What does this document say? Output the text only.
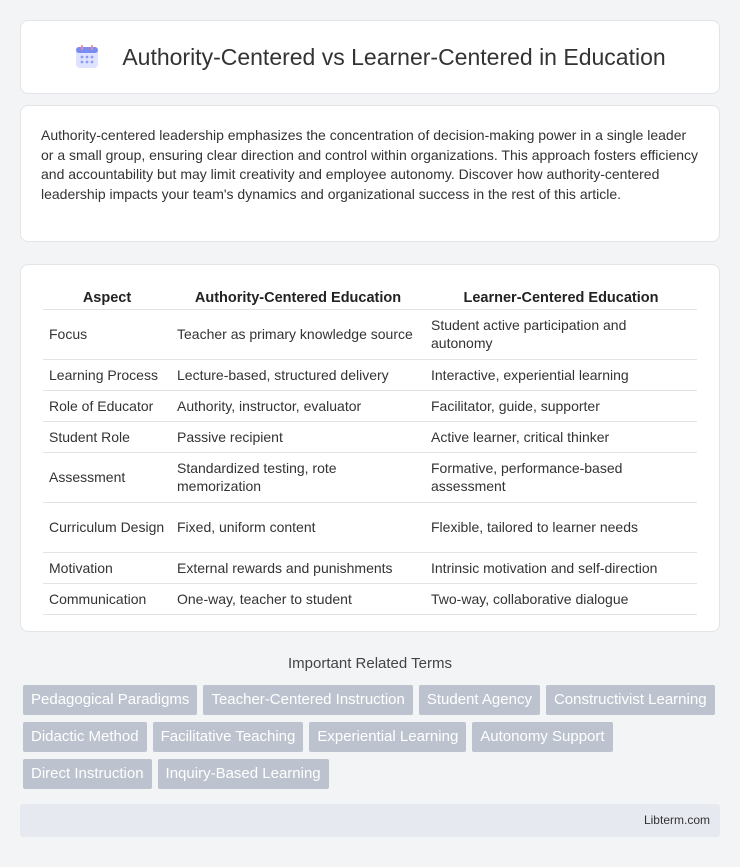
Authority-Centered vs Learner-Centered in Education

Authority-centered leadership emphasizes the concentration of decision-making power in a single leader or a small group, ensuring clear direction and control within organizations. This approach fosters efficiency and accountability but may limit creativity and employee autonomy. Discover how authority-centered leadership impacts your team's dynamics and organizational success in the rest of this article.

Aspect	Authority-Centered Education	Learner-Centered Education
Focus	Teacher as primary knowledge source	Student active participation and autonomy
Learning Process	Lecture-based, structured delivery	Interactive, experiential learning
Role of Educator	Authority, instructor, evaluator	Facilitator, guide, supporter
Student Role	Passive recipient	Active learner, critical thinker
Assessment	Standardized testing, rote memorization	Formative, performance-based assessment
Curriculum Design	Fixed, uniform content	Flexible, tailored to learner needs
Motivation	External rewards and punishments	Intrinsic motivation and self-direction
Communication	One-way, teacher to student	Two-way, collaborative dialogue
Important Related Terms
Pedagogical Paradigms	Teacher-Centered Instruction	Student Agency	Constructivist Learning
Didactic Method	Facilitative Teaching	Experiential Learning	Autonomy Support
Direct Instruction	Inquiry-Based Learning
Libterm.com
